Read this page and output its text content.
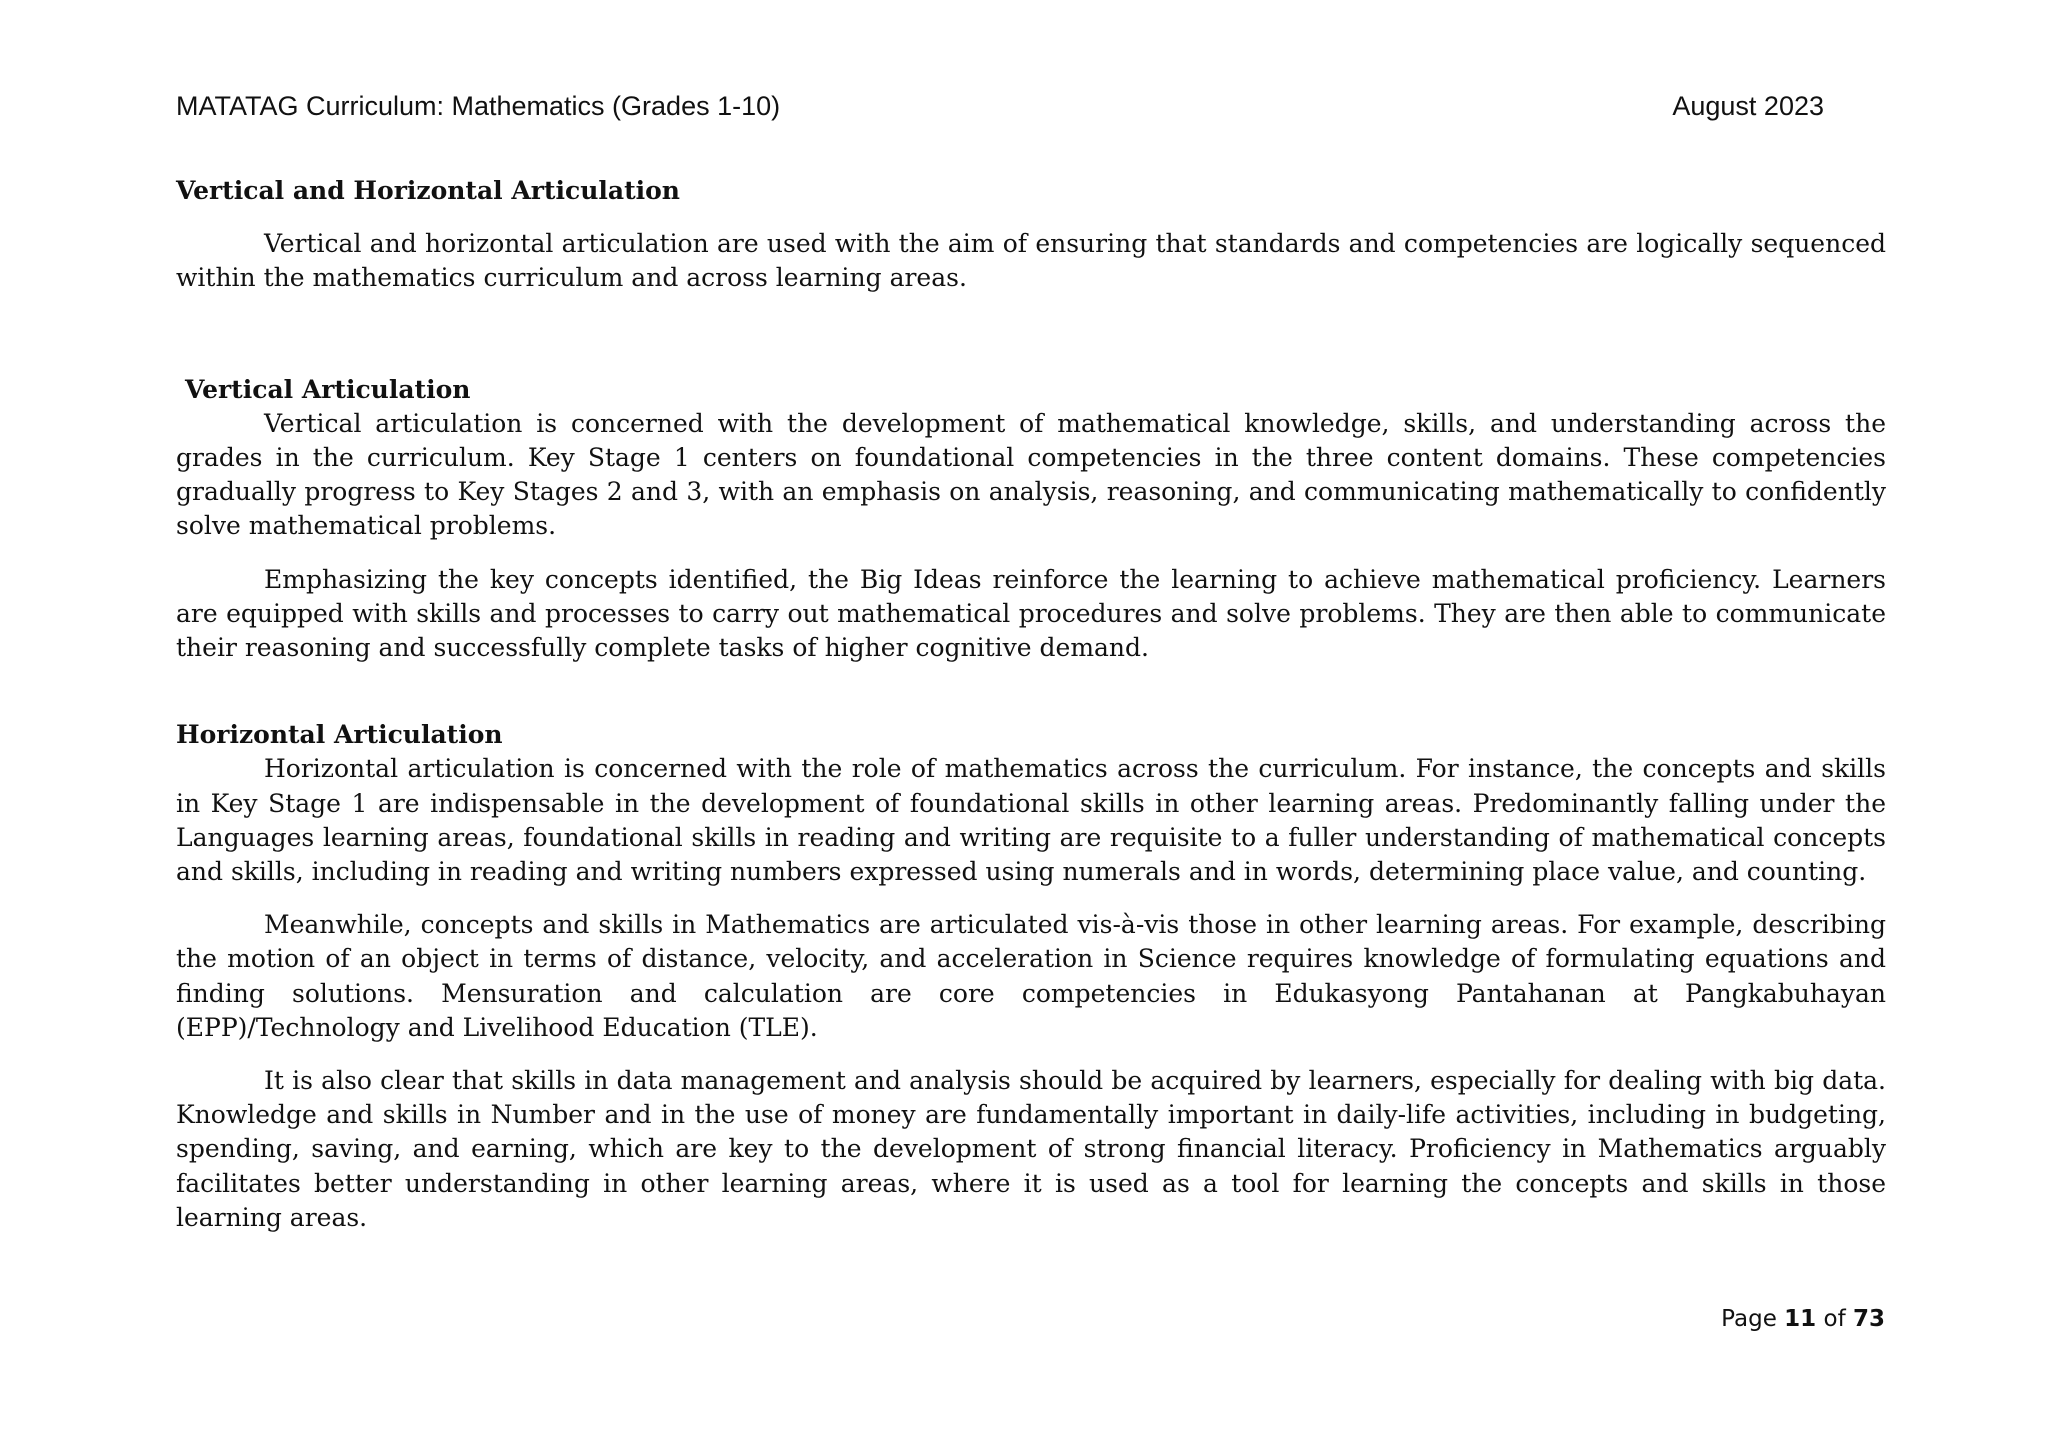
MATATAG Curriculum: Mathematics (Grades 1-10)	August 2023
Vertical and Horizontal Articulation

Vertical and horizontal articulation are used with the aim of ensuring that standards and competencies are logically sequenced within the mathematics curriculum and across learning areas.

Vertical Articulation

Vertical articulation is concerned with the development of mathematical knowledge, skills, and understanding across the grades in the curriculum. Key Stage 1 centers on foundational competencies in the three content domains. These competencies gradually progress to Key Stages 2 and 3, with an emphasis on analysis, reasoning, and communicating mathematically to confidently solve mathematical problems.

Emphasizing the key concepts identified, the Big Ideas reinforce the learning to achieve mathematical proficiency. Learners are equipped with skills and processes to carry out mathematical procedures and solve problems. They are then able to communicate their reasoning and successfully complete tasks of higher cognitive demand.

Horizontal Articulation

Horizontal articulation is concerned with the role of mathematics across the curriculum. For instance, the concepts and skills in Key Stage 1 are indispensable in the development of foundational skills in other learning areas. Predominantly falling under the Languages learning areas, foundational skills in reading and writing are requisite to a fuller understanding of mathematical concepts and skills, including in reading and writing numbers expressed using numerals and in words, determining place value, and counting.

Meanwhile, concepts and skills in Mathematics are articulated vis-à-vis those in other learning areas. For example, describing the motion of an object in terms of distance, velocity, and acceleration in Science requires knowledge of formulating equations and finding solutions. Mensuration and calculation are core competencies in Edukasyong Pantahanan at Pangkabuhayan (EPP)/Technology and Livelihood Education (TLE).

It is also clear that skills in data management and analysis should be acquired by learners, especially for dealing with big data. Knowledge and skills in Number and in the use of money are fundamentally important in daily-life activities, including in budgeting, spending, saving, and earning, which are key to the development of strong financial literacy. Proficiency in Mathematics arguably facilitates better understanding in other learning areas, where it is used as a tool for learning the concepts and skills in those learning areas.

Page 11 of 73
